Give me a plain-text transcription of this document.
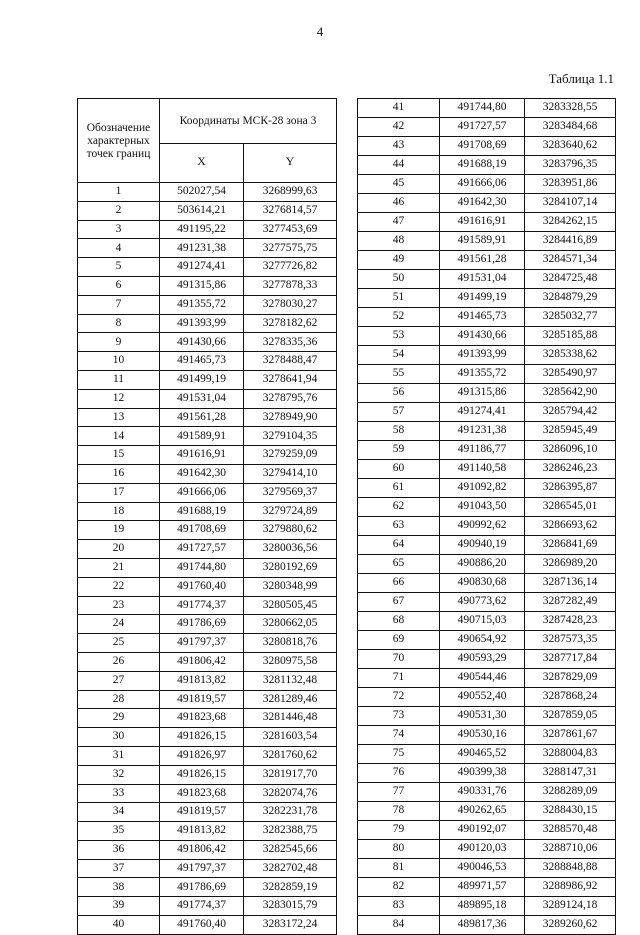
4
Таблица 1.1
Обозначение характерных точек границ	Координаты МСК-28 зона 3	
	X	Y
1	502027,54	3268999,63
2	503614,21	3276814,57
3	491195,22	3277453,69
4	491231,38	3277575,75
5	491274,41	3277726,82
6	491315,86	3277878,33
7	491355,72	3278030,27
8	491393,99	3278182,62
9	491430,66	3278335,36
10	491465,73	3278488,47
11	491499,19	3278641,94
12	491531,04	3278795,76
13	491561,28	3278949,90
14	491589,91	3279104,35
15	491616,91	3279259,09
16	491642,30	3279414,10
17	491666,06	3279569,37
18	491688,19	3279724,89
19	491708,69	3279880,62
20	491727,57	3280036,56
21	491744,80	3280192,69
22	491760,40	3280348,99
23	491774,37	3280505,45
24	491786,69	3280662,05
25	491797,37	3280818,76
26	491806,42	3280975,58
27	491813,82	3281132,48
28	491819,57	3281289,46
29	491823,68	3281446,48
30	491826,15	3281603,54
31	491826,97	3281760,62
32	491826,15	3281917,70
33	491823,68	3282074,76
34	491819,57	3282231,78
35	491813,82	3282388,75
36	491806,42	3282545,66
37	491797,37	3282702,48
38	491786,69	3282859,19
39	491774,37	3283015,79
40	491760,40	3283172,24
41	491744,80	3283328,55
42	491727,57	3283484,68
43	491708,69	3283640,62
44	491688,19	3283796,35
45	491666,06	3283951,86
46	491642,30	3284107,14
47	491616,91	3284262,15
48	491589,91	3284416,89
49	491561,28	3284571,34
50	491531,04	3284725,48
51	491499,19	3284879,29
52	491465,73	3285032,77
53	491430,66	3285185,88
54	491393,99	3285338,62
55	491355,72	3285490,97
56	491315,86	3285642,90
57	491274,41	3285794,42
58	491231,38	3285945,49
59	491186,77	3286096,10
60	491140,58	3286246,23
61	491092,82	3286395,87
62	491043,50	3286545,01
63	490992,62	3286693,62
64	490940,19	3286841,69
65	490886,20	3286989,20
66	490830,68	3287136,14
67	490773,62	3287282,49
68	490715,03	3287428,23
69	490654,92	3287573,35
70	490593,29	3287717,84
71	490544,46	3287829,09
72	490552,40	3287868,24
73	490531,30	3287859,05
74	490530,16	3287861,67
75	490465,52	3288004,83
76	490399,38	3288147,31
77	490331,76	3288289,09
78	490262,65	3288430,15
79	490192,07	3288570,48
80	490120,03	3288710,06
81	490046,53	3288848,88
82	489971,57	3288986,92
83	489895,18	3289124,18
84	489817,36	3289260,62
